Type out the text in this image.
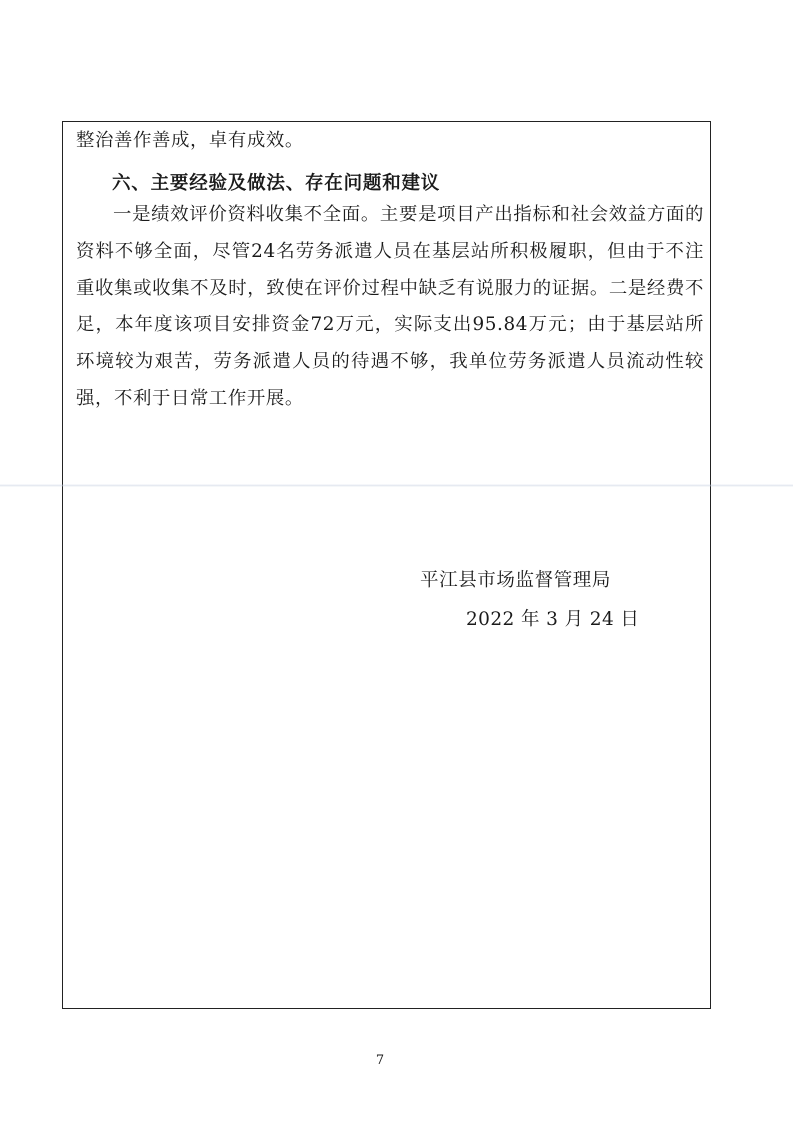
整治善作善成，卓有成效。

六、主要经验及做法、存在问题和建议

一是绩效评价资料收集不全面。主要是项目产出指标和社会效益方面的资料不够全面，尽管24名劳务派遣人员在基层站所积极履职，但由于不注重收集或收集不及时，致使在评价过程中缺乏有说服力的证据。二是经费不足，本年度该项目安排资金72万元，实际支出95.84万元；由于基层站所环境较为艰苦，劳务派遣人员的待遇不够，我单位劳务派遣人员流动性较强，不利于日常工作开展。

平江县市场监督管理局
2022 年 3 月 24 日
7
